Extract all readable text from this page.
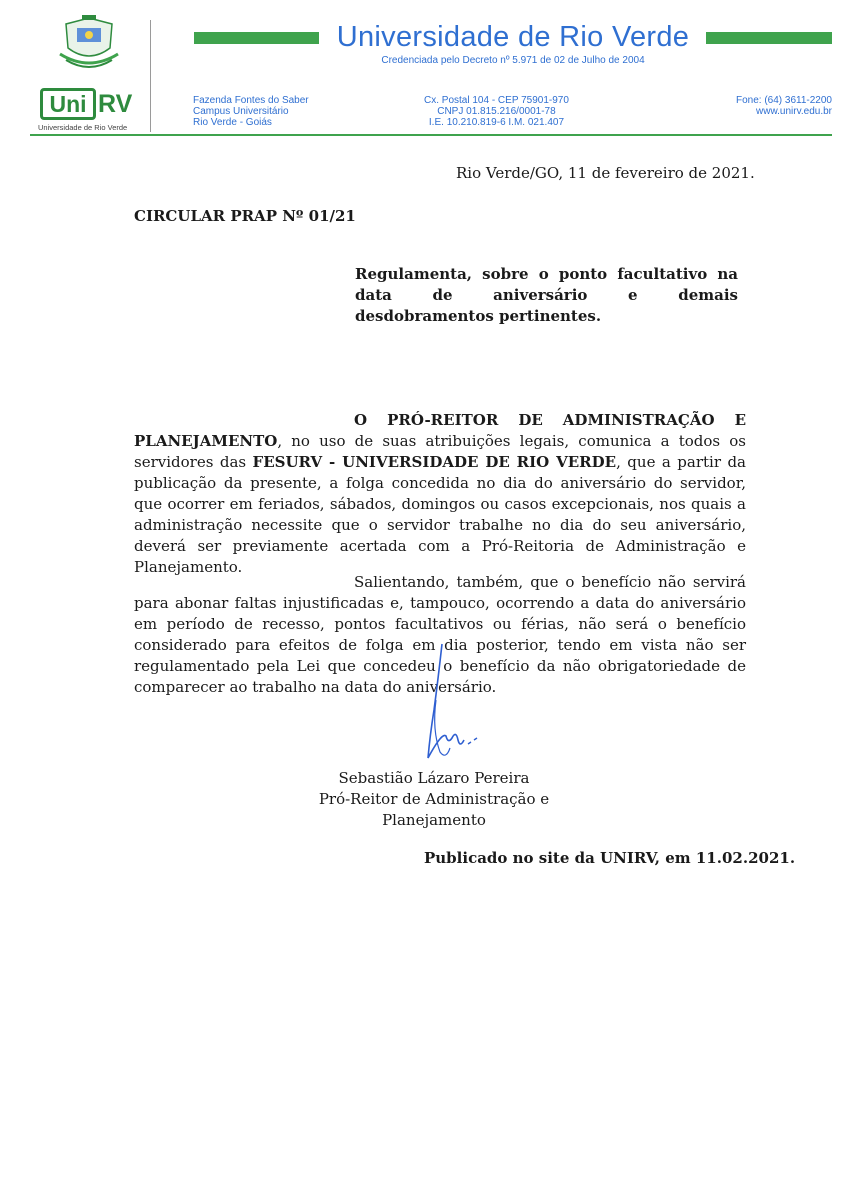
Uni RV
Universidade de Rio Verde
Universidade de Rio Verde
Credenciada pelo Decreto nº 5.971 de 02 de Julho de 2004
Fazenda Fontes do Saber
Campus Universitário
Rio Verde - Goiás
Cx. Postal 104 - CEP 75901-970
CNPJ 01.815.216/0001-78
I.E. 10.210.819-6 I.M. 021.407
Fone: (64) 3611-2200
www.unirv.edu.br
Rio Verde/GO, 11 de fevereiro de 2021.
CIRCULAR PRAP Nº 01/21
Regulamenta, sobre o ponto facultativo na data de aniversário e demais desdobramentos pertinentes.
O PRÓ-REITOR DE ADMINISTRAÇÃO E PLANEJAMENTO, no uso de suas atribuições legais, comunica a todos os servidores das FESURV - UNIVERSIDADE DE RIO VERDE, que a partir da publicação da presente, a folga concedida no dia do aniversário do servidor, que ocorrer em feriados, sábados, domingos ou casos excepcionais, nos quais a administração necessite que o servidor trabalhe no dia do seu aniversário, deverá ser previamente acertada com a Pró-Reitoria de Administração e Planejamento.
Salientando, também, que o benefício não servirá para abonar faltas injustificadas e, tampouco, ocorrendo a data do aniversário em período de recesso, pontos facultativos ou férias, não será o benefício considerado para efeitos de folga em dia posterior, tendo em vista não ser regulamentado pela Lei que concedeu o benefício da não obrigatoriedade de comparecer ao trabalho na data do aniversário.
Sebastião Lázaro Pereira
Pró-Reitor de Administração e Planejamento
Publicado no site da UNIRV, em 11.02.2021.
